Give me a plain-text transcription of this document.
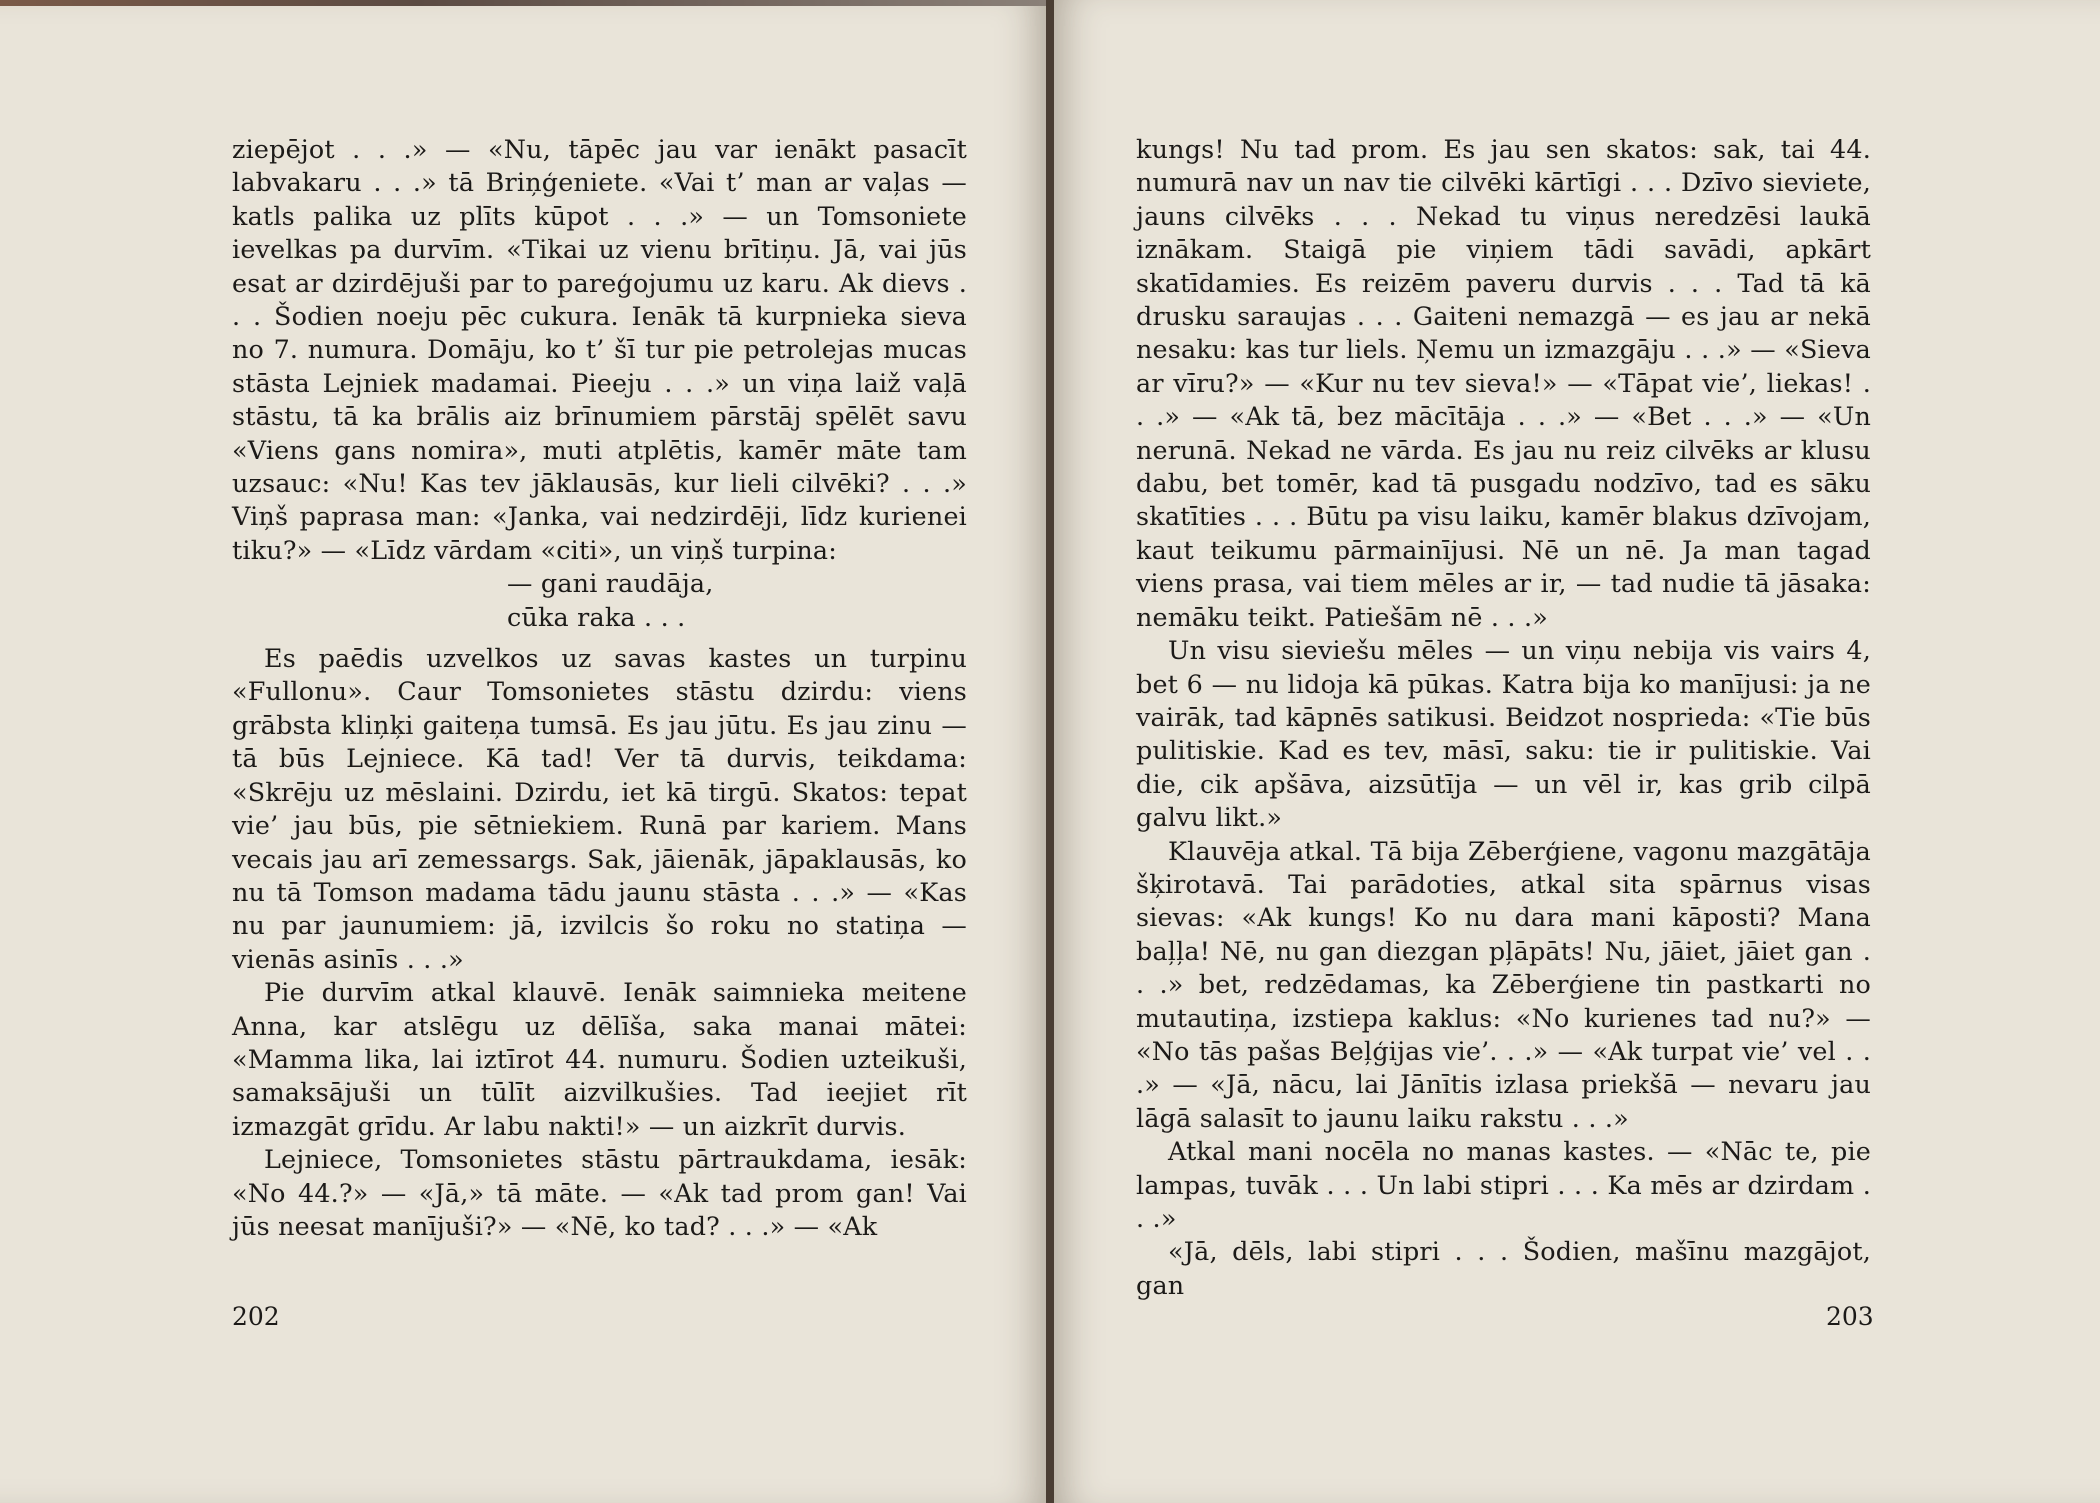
ziepējot . . .» — «Nu, tāpēc jau var ienākt pasacīt labvakaru . . .» tā Briņģeniete. «Vai t’ man ar vaļas — katls palika uz plīts kūpot . . .» — un Tomsoniete ievelkas pa durvīm. «Tikai uz vienu brītiņu. Jā, vai jūs esat ar dzirdējuši par to pareģojumu uz karu. Ak dievs . . . Šodien noeju pēc cukura. Ienāk tā kurpnieka sieva no 7. numura. Domāju, ko t’ šī tur pie petrolejas mucas stāsta Lejniek madamai. Pieeju . . .» un viņa laiž vaļā stāstu, tā ka brālis aiz brīnumiem pārstāj spēlēt savu «Viens gans nomira», muti atplētis, kamēr māte tam uzsauc: «Nu! Kas tev jāklausās, kur lieli cilvēki? . . .» Viņš paprasa man: «Janka, vai nedzirdēji, līdz kurienei tiku?» — «Līdz vārdam «citi», un viņš turpina:

— gani raudāja,
cūka raka . . .

Es paēdis uzvelkos uz savas kastes un turpinu «Fullonu». Caur Tomsonietes stāstu dzirdu: viens grābsta kliņķi gaiteņa tumsā. Es jau jūtu. Es jau zinu — tā būs Lejniece. Kā tad! Ver tā durvis, teikdama: «Skrēju uz mēslaini. Dzirdu, iet kā tirgū. Skatos: tepat vie’ jau būs, pie sētniekiem. Runā par kariem. Mans vecais jau arī zemessargs. Sak, jāienāk, jāpaklausās, ko nu tā Tomson madama tādu jaunu stāsta . . .» — «Kas nu par jaunumiem: jā, izvilcis šo roku no statiņa — vienās asinīs . . .»

Pie durvīm atkal klauvē. Ienāk saimnieka meitene Anna, kar atslēgu uz dēlīša, saka manai mātei: «Mamma lika, lai iztīrot 44. numuru. Šodien uzteikuši, samaksājuši un tūlīt aizvilkušies. Tad ieejiet rīt izmazgāt grīdu. Ar labu nakti!» — un aizkrīt durvis.

Lejniece, Tomsonietes stāstu pārtraukdama, iesāk: «No 44.?» — «Jā,» tā māte. — «Ak tad prom gan! Vai jūs neesat manījuši?» — «Nē, ko tad? . . .» — «Ak

202

kungs! Nu tad prom. Es jau sen skatos: sak, tai 44. numurā nav un nav tie cilvēki kārtīgi . . . Dzīvo sieviete, jauns cilvēks . . . Nekad tu viņus neredzēsi laukā iznākam. Staigā pie viņiem tādi savādi, apkārt skatīdamies. Es reizēm paveru durvis . . . Tad tā kā drusku saraujas . . . Gaiteni nemazgā — es jau ar nekā nesaku: kas tur liels. Ņemu un izmazgāju . . .» — «Sieva ar vīru?» — «Kur nu tev sieva!» — «Tāpat vie’, liekas! . . .» — «Ak tā, bez mācītāja . . .» — «Bet . . .» — «Un nerunā. Nekad ne vārda. Es jau nu reiz cilvēks ar klusu dabu, bet tomēr, kad tā pusgadu nodzīvo, tad es sāku skatīties . . . Būtu pa visu laiku, kamēr blakus dzīvojam, kaut teikumu pārmainījusi. Nē un nē. Ja man tagad viens prasa, vai tiem mēles ar ir, — tad nudie tā jāsaka: nemāku teikt. Patiešām nē . . .»

Un visu sieviešu mēles — un viņu nebija vis vairs 4, bet 6 — nu lidoja kā pūkas. Katra bija ko manījusi: ja ne vairāk, tad kāpnēs satikusi. Beidzot nosprieda: «Tie būs pulitiskie. Kad es tev, māsī, saku: tie ir pulitiskie. Vai die, cik apšāva, aizsūtīja — un vēl ir, kas grib cilpā galvu likt.»

Klauvēja atkal. Tā bija Zēberģiene, vagonu mazgātāja šķirotavā. Tai parādoties, atkal sita spārnus visas sievas: «Ak kungs! Ko nu dara mani kāposti? Mana baļļa! Nē, nu gan diezgan pļāpāts! Nu, jāiet, jāiet gan . . .» bet, redzēdamas, ka Zēberģiene tin pastkarti no mutautiņa, izstiepa kaklus: «No kurienes tad nu?» — «No tās pašas Beļģijas vie’. . .» — «Ak turpat vie’ vel . . .» — «Jā, nācu, lai Jānītis izlasa priekšā — nevaru jau lāgā salasīt to jaunu laiku rakstu . . .»

Atkal mani nocēla no manas kastes. — «Nāc te, pie lampas, tuvāk . . . Un labi stipri . . . Ka mēs ar dzirdam . . .»

«Jā, dēls, labi stipri . . . Šodien, mašīnu mazgājot, gan

203
